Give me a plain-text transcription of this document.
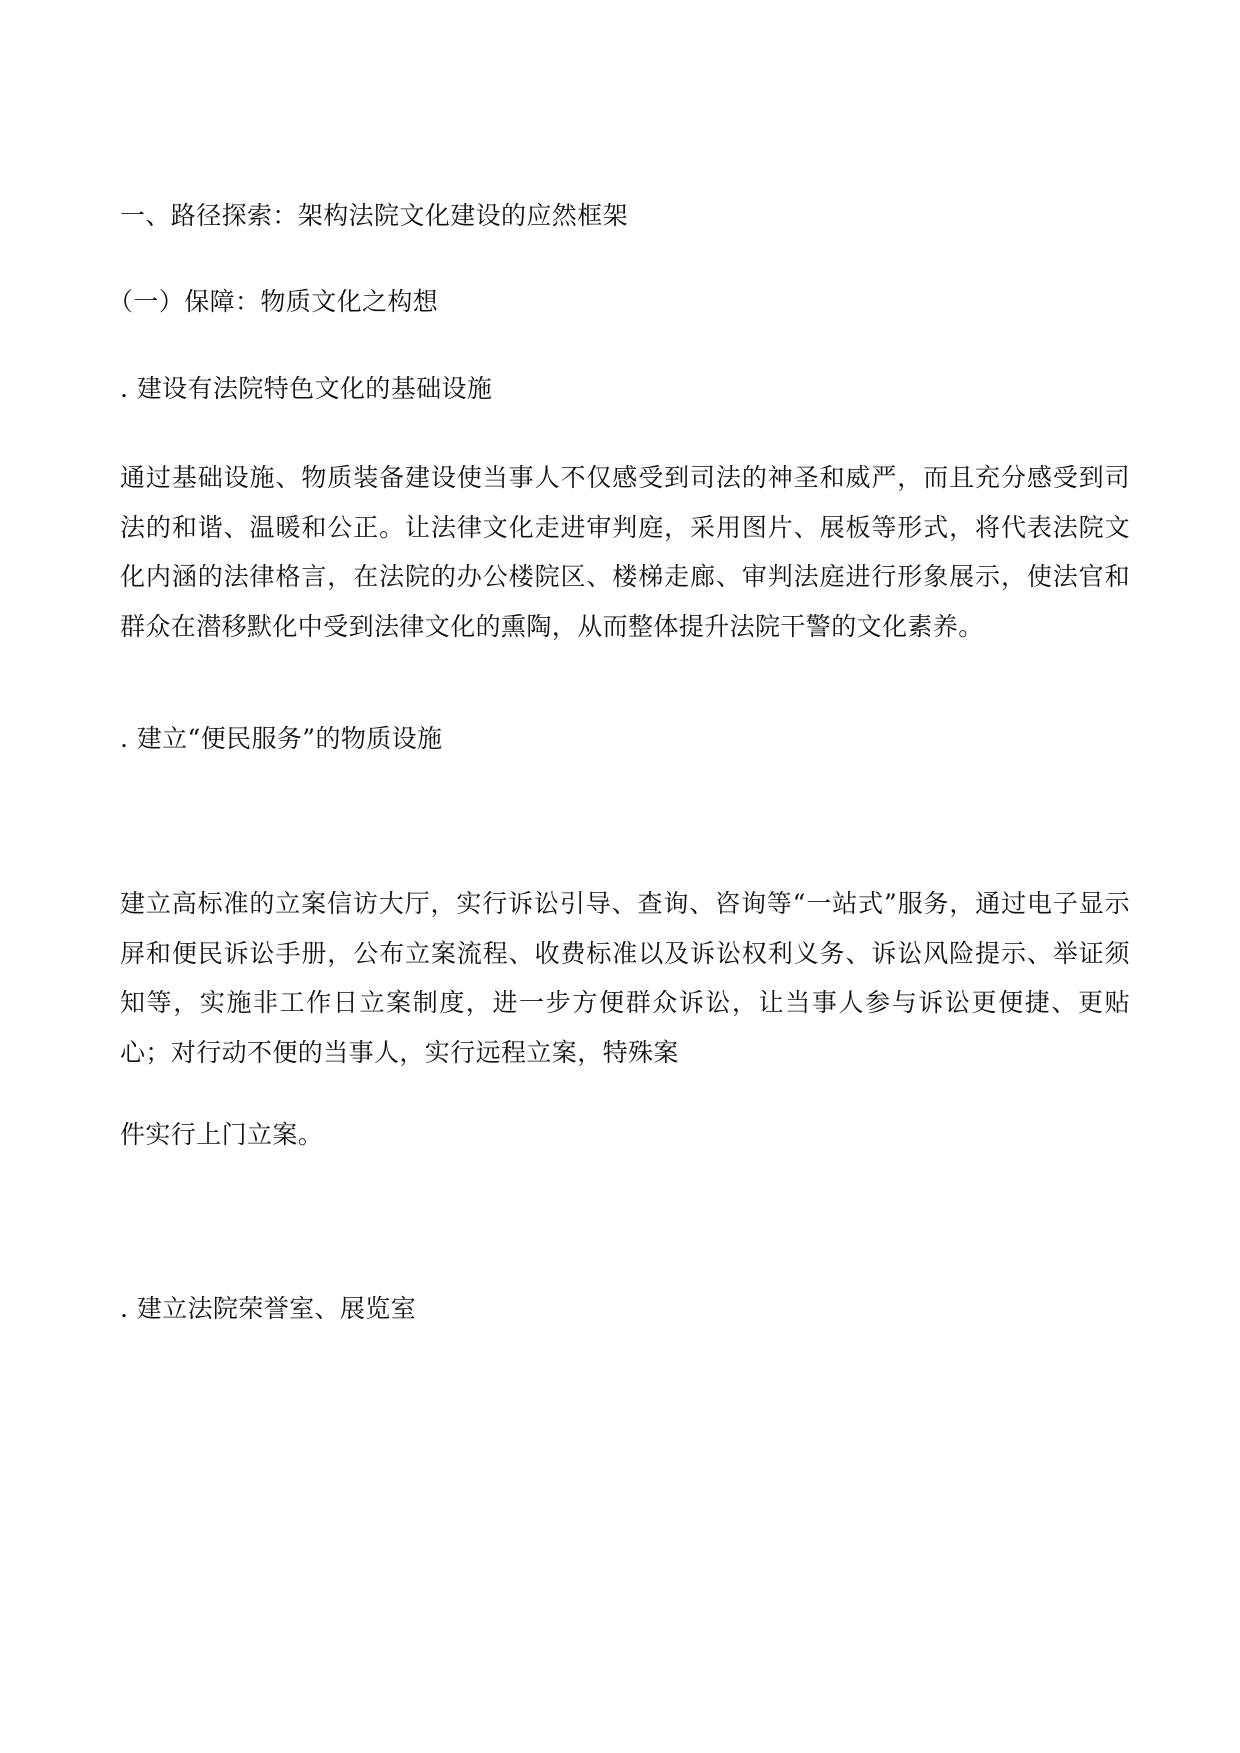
一、路径探索：架构法院文化建设的应然框架
（一）保障：物质文化之构想
. 建设有法院特色文化的基础设施
通过基础设施、物质装备建设使当事人不仅感受到司法的神圣和威严，而且充分感受到司法的和谐、温暖和公正。让法律文化走进审判庭，采用图片、展板等形式，将代表法院文化内涵的法律格言，在法院的办公楼院区、楼梯走廊、审判法庭进行形象展示，使法官和群众在潜移默化中受到法律文化的熏陶，从而整体提升法院干警的文化素养。
. 建立“便民服务”的物质设施
建立高标准的立案信访大厅，实行诉讼引导、查询、咨询等“一站式”服务，通过电子显示屏和便民诉讼手册，公布立案流程、收费标准以及诉讼权利义务、诉讼风险提示、举证须知等，实施非工作日立案制度，进一步方便群众诉讼，让当事人参与诉讼更便捷、更贴心；对行动不便的当事人，实行远程立案，特殊案
件实行上门立案。
. 建立法院荣誉室、展览室
